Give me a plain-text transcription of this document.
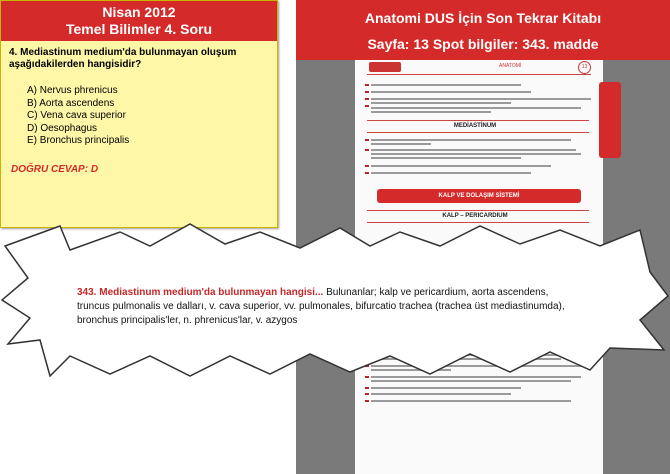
Nisan 2012
Temel Bilimler 4. Soru
4. Mediastinum medium'da bulunmayan oluşum aşağıdakilerden hangisidir?
A) Nervus phrenicus
B) Aorta ascendens
C) Vena cava superior
D) Oesophagus
E) Bronchus principalis
DOĞRU CEVAP: D
Anatomi DUS İçin Son Tekrar Kitabı
Sayfa: 13 Spot bilgiler: 343. madde
ANATOMİ	13
MEDİASTİNUM
KALP VE DOLAŞIM SİSTEMİ
KALP – PERICARDIUM
343. Mediastinum medium'da bulunmayan hangisi... Bulunanlar; kalp ve pericardium, aorta ascendens, truncus pulmonalis ve dalları, v. cava superior, vv. pulmonales, bifurcatio trachea (trachea üst mediastinumda), bronchus principalis'ler, n. phrenicus'lar, v. azygos
